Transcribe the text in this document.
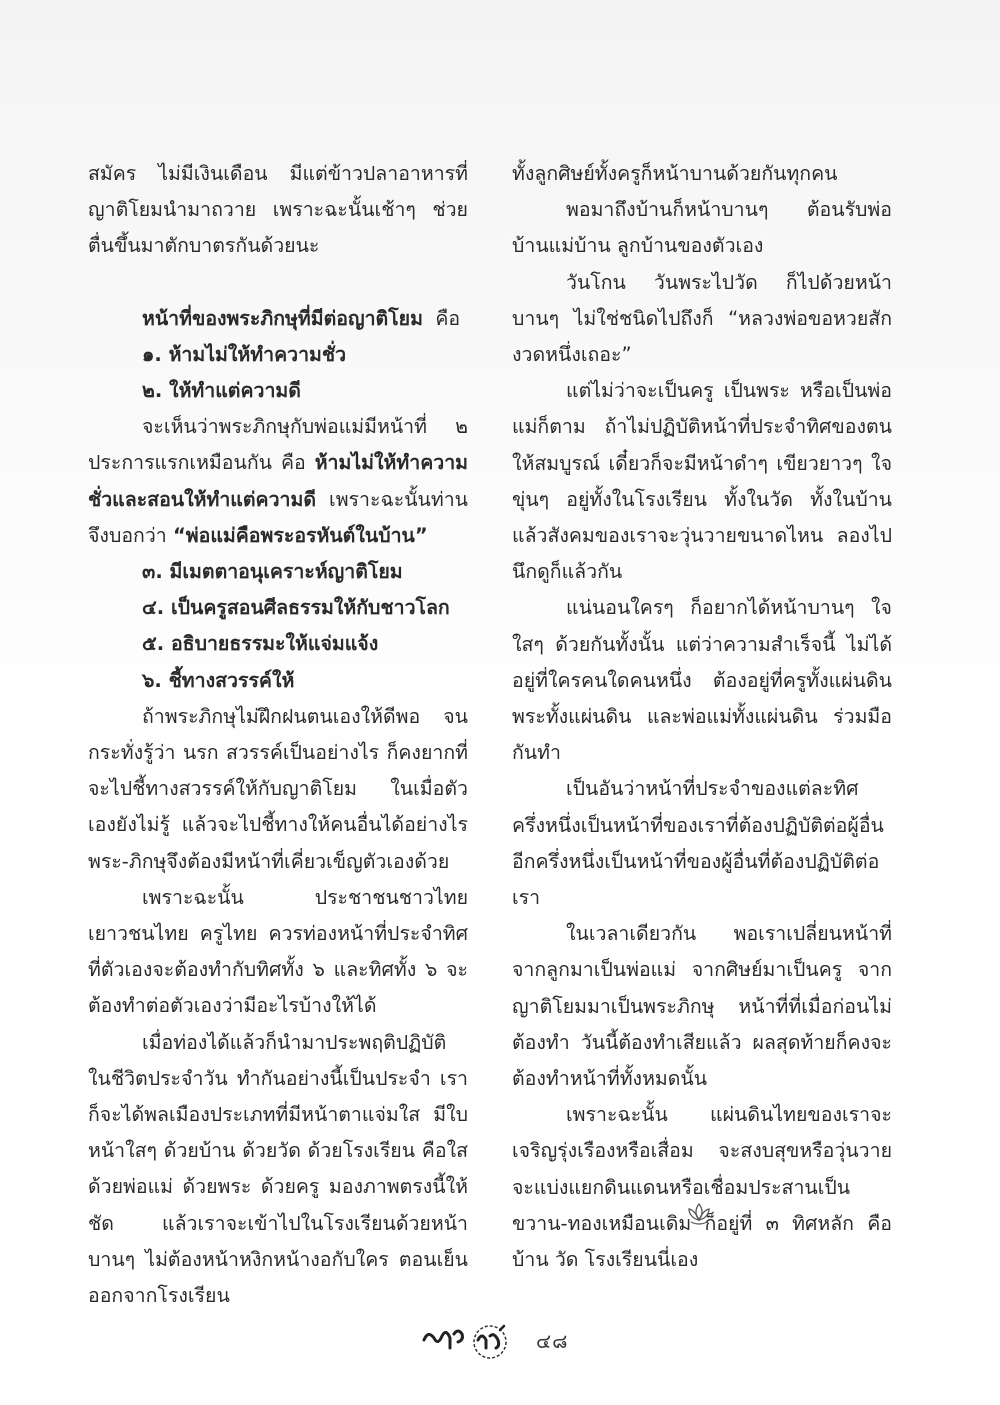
สมัคร ไม่มีเงินเดือน มีแต่ข้าวปลาอาหารที่ญาติโยมนำมาถวาย เพราะฉะนั้นเช้าๆ ช่วยตื่นขึ้นมาตักบาตรกันด้วยนะ

หน้าที่ของพระภิกษุที่มีต่อญาติโยม คือ

๑. ห้ามไม่ให้ทำความชั่ว

๒. ให้ทำแต่ความดี

จะเห็นว่าพระภิกษุกับพ่อแม่มีหน้าที่ ๒ ประการแรกเหมือนกัน คือ ห้ามไม่ให้ทำความชั่วและสอนให้ทำแต่ความดี เพราะฉะนั้นท่านจึงบอกว่า “พ่อแม่คือพระอรหันต์ในบ้าน”

๓. มีเมตตาอนุเคราะห์ญาติโยม

๔. เป็นครูสอนศีลธรรมให้กับชาวโลก

๕. อธิบายธรรมะให้แจ่มแจ้ง

๖. ชี้ทางสวรรค์ให้

ถ้าพระภิกษุไม่ฝึกฝนตนเองให้ดีพอ จนกระทั่งรู้ว่า นรก สวรรค์เป็นอย่างไร ก็คงยากที่จะไปชี้ทางสวรรค์ให้กับญาติโยม ในเมื่อตัวเองยังไม่รู้ แล้วจะไปชี้ทางให้คนอื่นได้อย่างไร พระ-ภิกษุจึงต้องมีหน้าที่เคี่ยวเข็ญตัวเองด้วย

เพราะฉะนั้น ประชาชนชาวไทย เยาวชนไทย ครูไทย ควรท่องหน้าที่ประจำทิศที่ตัวเองจะต้องทำกับทิศทั้ง ๖ และทิศทั้ง ๖ จะต้องทำต่อตัวเองว่ามีอะไรบ้างให้ได้

เมื่อท่องได้แล้วก็นำมาประพฤติปฏิบัติในชีวิตประจำวัน ทำกันอย่างนี้เป็นประจำ เราก็จะได้พลเมืองประเภทที่มีหน้าตาแจ่มใส มีใบหน้าใสๆ ด้วยบ้าน ด้วยวัด ด้วยโรงเรียน คือใสด้วยพ่อแม่ ด้วยพระ ด้วยครู มองภาพตรงนี้ให้ชัด แล้วเราจะเข้าไปในโรงเรียนด้วยหน้าบานๆ ไม่ต้องหน้าหงิกหน้างอกับใคร ตอนเย็นออกจากโรงเรียน

ทั้งลูกศิษย์ทั้งครูก็หน้าบานด้วยกันทุกคน

พอมาถึงบ้านก็หน้าบานๆ ต้อนรับพ่อบ้านแม่บ้าน ลูกบ้านของตัวเอง

วันโกน วันพระไปวัด ก็ไปด้วยหน้าบานๆ ไม่ใช่ชนิดไปถึงก็ “หลวงพ่อขอหวยสักงวดหนึ่งเถอะ”

แต่ไม่ว่าจะเป็นครู เป็นพระ หรือเป็นพ่อแม่ก็ตาม ถ้าไม่ปฏิบัติหน้าที่ประจำทิศของตนให้สมบูรณ์ เดี๋ยวก็จะมีหน้าดำๆ เขียวยาวๆ ใจขุ่นๆ อยู่ทั้งในโรงเรียน ทั้งในวัด ทั้งในบ้าน แล้วสังคมของเราจะวุ่นวายขนาดไหน ลองไปนึกดูก็แล้วกัน

แน่นอนใครๆ ก็อยากได้หน้าบานๆ ใจใสๆ ด้วยกันทั้งนั้น แต่ว่าความสำเร็จนี้ ไม่ได้อยู่ที่ใครคนใดคนหนึ่ง ต้องอยู่ที่ครูทั้งแผ่นดิน พระทั้งแผ่นดิน และพ่อแม่ทั้งแผ่นดิน ร่วมมือกันทำ

เป็นอันว่าหน้าที่ประจำของแต่ละทิศ ครึ่งหนึ่งเป็นหน้าที่ของเราที่ต้องปฏิบัติต่อผู้อื่น อีกครึ่งหนึ่งเป็นหน้าที่ของผู้อื่นที่ต้องปฏิบัติต่อเรา

ในเวลาเดียวกัน พอเราเปลี่ยนหน้าที่จากลูกมาเป็นพ่อแม่ จากศิษย์มาเป็นครู จากญาติโยมมาเป็นพระภิกษุ หน้าที่ที่เมื่อก่อนไม่ต้องทำ วันนี้ต้องทำเสียแล้ว ผลสุดท้ายก็คงจะต้องทำหน้าที่ทั้งหมดนั้น

เพราะฉะนั้น แผ่นดินไทยของเราจะเจริญรุ่งเรืองหรือเสื่อม จะสงบสุขหรือวุ่นวาย จะแบ่งแยกดินแดนหรือเชื่อมประสานเป็นขวาน-ทองเหมือนเดิม ก็อยู่ที่ ๓ ทิศหลัก คือ บ้าน วัด โรงเรียนนี่เอง

๔๘
